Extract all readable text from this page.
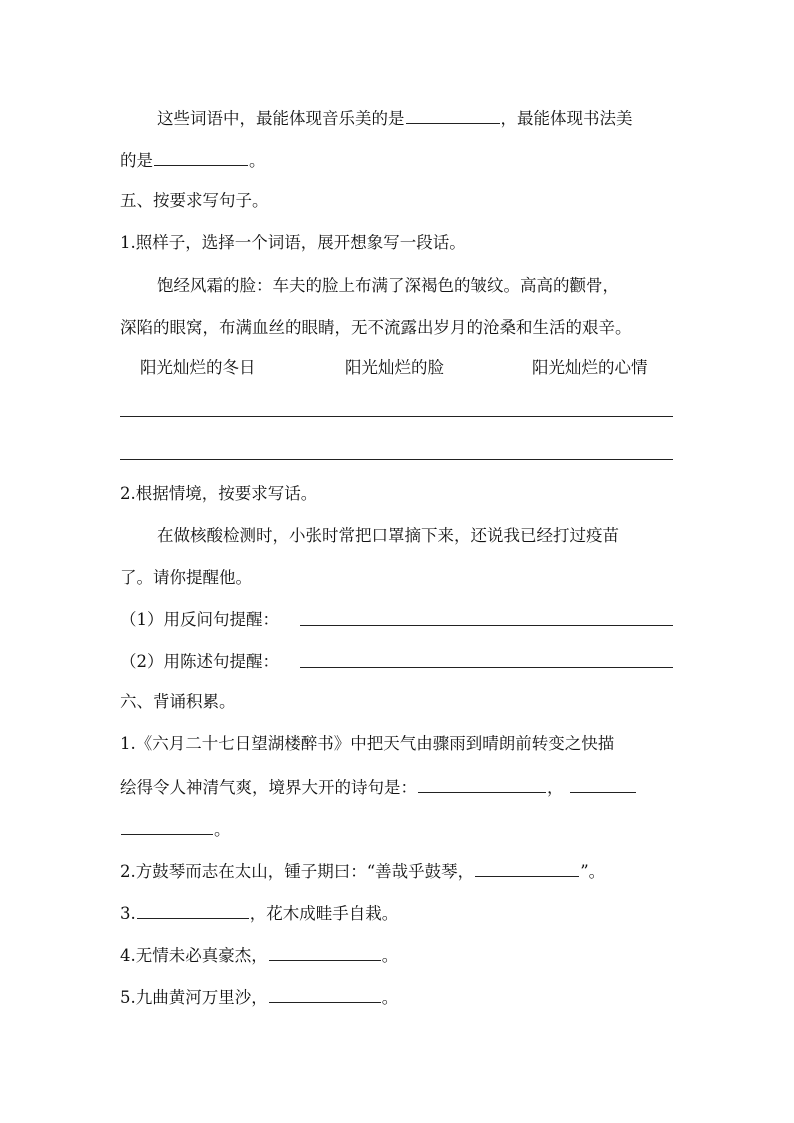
这些词语中，最能体现音乐美的是	，最能体现书法美
的是	。
五、按要求写句子。
1.照样子，选择一个词语，展开想象写一段话。
饱经风霜的脸：车夫的脸上布满了深褐色的皱纹。高高的颧骨，
深陷的眼窝，布满血丝的眼睛，无不流露出岁月的沧桑和生活的艰辛。
阳光灿烂的冬日	阳光灿烂的脸	阳光灿烂的心情
2.根据情境，按要求写话。
在做核酸检测时，小张时常把口罩摘下来，还说我已经打过疫苗
了。请你提醒他。
（1）用反问句提醒：
（2）用陈述句提醒：
六、背诵积累。
1.《六月二十七日望湖楼醉书》中把天气由骤雨到晴朗前转变之快描
绘得令人神清气爽，境界大开的诗句是：	，
。
2.方鼓琴而志在太山，锺子期曰：“善哉乎鼓琴，	”。
3.	，花木成畦手自栽。
4.无情未必真豪杰，	。
5.九曲黄河万里沙，	。
